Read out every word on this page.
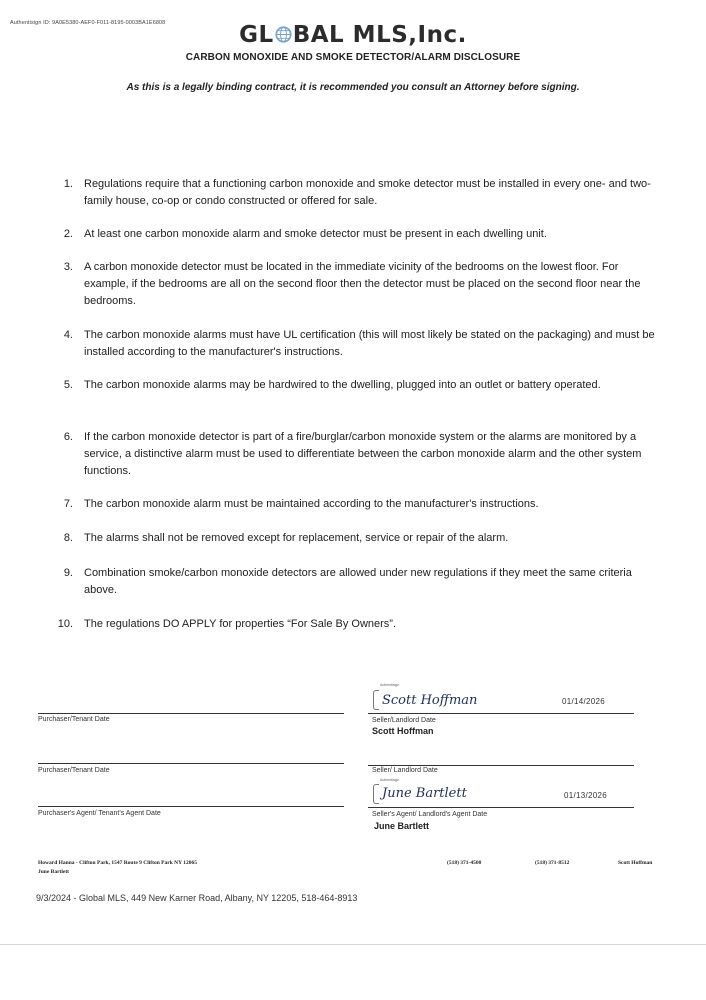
Authentisign ID: 9A0E5380-AEF0-F011-8195-0003BA1E6808	GL BAL MLS,Inc.
CARBON MONOXIDE AND SMOKE DETECTOR/ALARM DISCLOSURE
As this is a legally binding contract, it is recommended you consult an Attorney before signing.
1.	Regulations require that a functioning carbon monoxide and smoke detector must be installed in every one- and two-family house, co-op or condo constructed or offered for sale.
2.	At least one carbon monoxide alarm and smoke detector must be present in each dwelling unit.
3.	A carbon monoxide detector must be located in the immediate vicinity of the bedrooms on the lowest floor. For example, if the bedrooms are all on the second floor then the detector must be placed on the second floor near the bedrooms.
4.	The carbon monoxide alarms must have UL certification (this will most likely be stated on the packaging) and must be installed according to the manufacturer's instructions.
5.	The carbon monoxide alarms may be hardwired to the dwelling, plugged into an outlet or battery operated.
6.	If the carbon monoxide detector is part of a fire/burglar/carbon monoxide system or the alarms are monitored by a service, a distinctive alarm must be used to differentiate between the carbon monoxide alarm and the other system functions.
7.	The carbon monoxide alarm must be maintained according to the manufacturer's instructions.
8.	The alarms shall not be removed except for replacement, service or repair of the alarm.
9.	Combination smoke/carbon monoxide detectors are allowed under new regulations if they meet the same criteria above.
10.	The regulations DO APPLY for properties “For Sale By Owners”.
Purchaser/Tenant Date
Purchaser/Tenant Date
Purchaser's Agent/ Tenant's Agent Date
Authentisign
Scott Hoffman	01/14/2026
Seller/Landlord Date
Scott Hoffman
Seller/ Landlord Date
Authentisign
June Bartlett	01/13/2026
Seller's Agent/ Landlord's Agent Date
June Bartlett
Howard Hanna - Clifton Park, 1547 Route 9 Clifton Park NY 12065
June Bartlett
(518) 371-4500	(518) 371-8512	Scott Hoffman
9/3/2024 - Global MLS, 449 New Karner Road, Albany, NY 12205, 518-464-8913
